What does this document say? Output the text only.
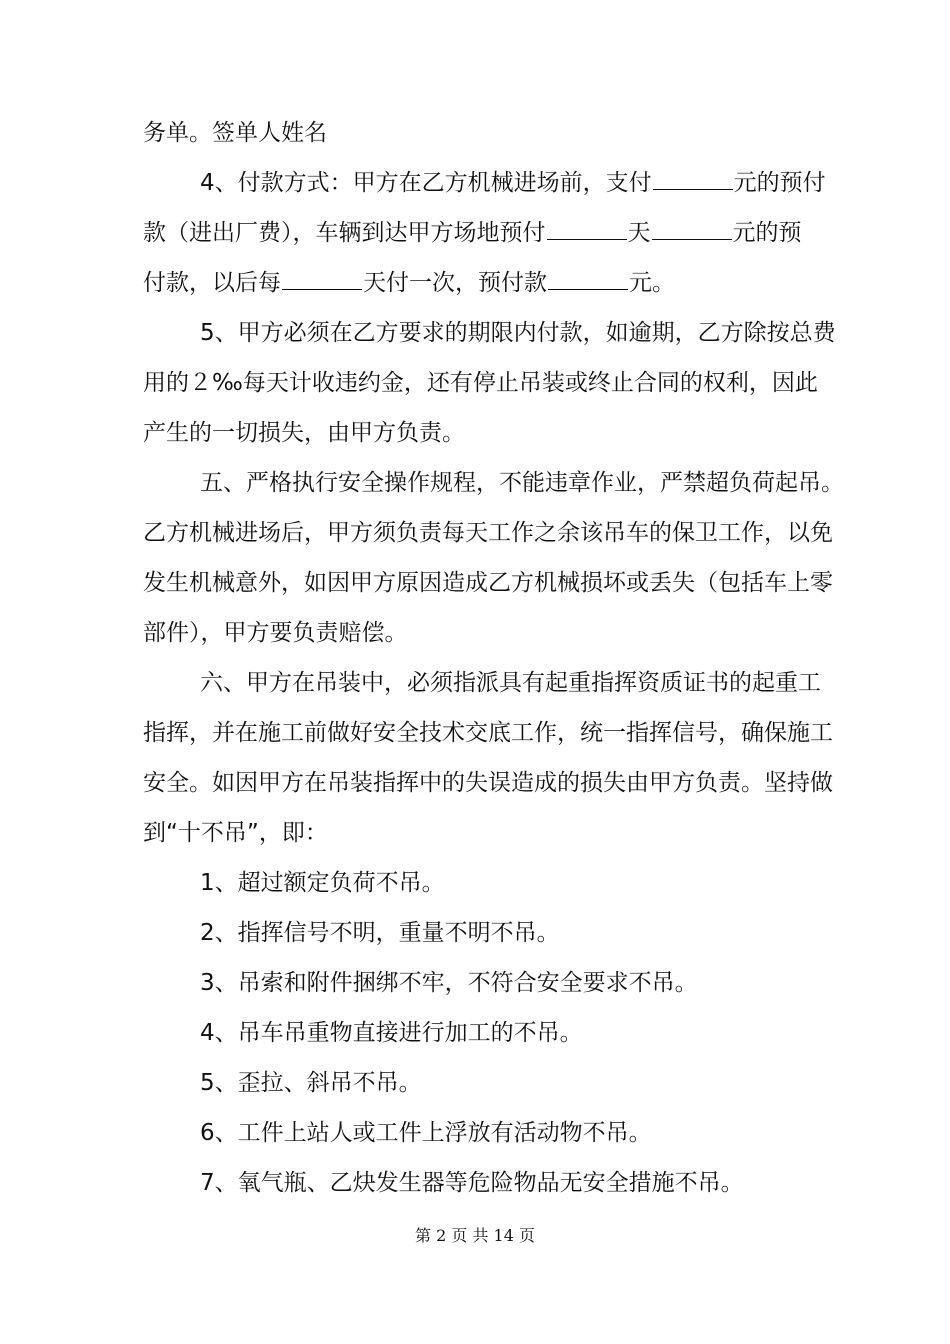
务单。签单人姓名
4、付款方式：甲方在乙方机械进场前，支付	元的预付
款（进出厂费），车辆到达甲方场地预付	天	元的预
付款，以后每	天付一次，预付款	元。
5、甲方必须在乙方要求的期限内付款，如逾期，乙方除按总费
用的２‰每天计收违约金，还有停止吊装或终止合同的权利，因此
产生的一切损失，由甲方负责。
五、严格执行安全操作规程，不能违章作业，严禁超负荷起吊。
乙方机械进场后，甲方须负责每天工作之余该吊车的保卫工作，以免
发生机械意外，如因甲方原因造成乙方机械损坏或丢失（包括车上零
部件），甲方要负责赔偿。
六、甲方在吊装中，必须指派具有起重指挥资质证书的起重工
指挥，并在施工前做好安全技术交底工作，统一指挥信号，确保施工
安全。如因甲方在吊装指挥中的失误造成的损失由甲方负责。坚持做
到“十不吊”，即：
1、超过额定负荷不吊。
2、指挥信号不明，重量不明不吊。
3、吊索和附件捆绑不牢，不符合安全要求不吊。
4、吊车吊重物直接进行加工的不吊。
5、歪拉、斜吊不吊。
6、工件上站人或工件上浮放有活动物不吊。
7、氧气瓶、乙炔发生器等危险物品无安全措施不吊。
第 2 页 共 14 页
